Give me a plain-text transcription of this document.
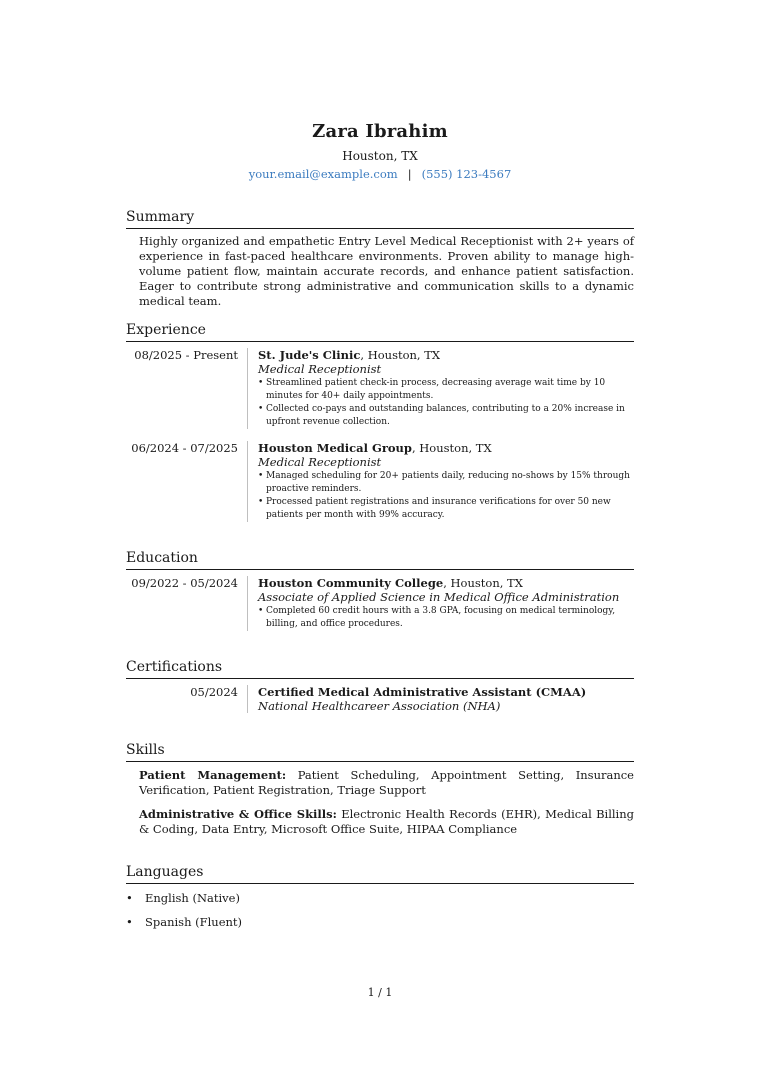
Zara Ibrahim
Houston, TX
your.email@example.com | (555) 123-4567
Summary
Highly organized and empathetic Entry Level Medical Receptionist with 2+ years of experience in fast-paced healthcare environments. Proven ability to manage high-volume patient flow, maintain accurate records, and enhance patient satisfaction. Eager to contribute strong administrative and communication skills to a dynamic medical team.
Experience
08/2025 - Present	St. Jude's Clinic, Houston, TX
Medical Receptionist
• Streamlined patient check-in process, decreasing average wait time by 10 minutes for 40+ daily appointments.
• Collected co-pays and outstanding balances, contributing to a 20% increase in upfront revenue collection.
06/2024 - 07/2025	Houston Medical Group, Houston, TX
Medical Receptionist
• Managed scheduling for 20+ patients daily, reducing no-shows by 15% through proactive reminders.
• Processed patient registrations and insurance verifications for over 50 new patients per month with 99% accuracy.
Education
09/2022 - 05/2024	Houston Community College, Houston, TX
Associate of Applied Science in Medical Office Administration
• Completed 60 credit hours with a 3.8 GPA, focusing on medical terminology, billing, and office procedures.
Certifications
05/2024	Certified Medical Administrative Assistant (CMAA)
National Healthcareer Association (NHA)
Skills
Patient Management: Patient Scheduling, Appointment Setting, Insurance Verification, Patient Registration, Triage Support
Administrative & Office Skills: Electronic Health Records (EHR), Medical Billing & Coding, Data Entry, Microsoft Office Suite, HIPAA Compliance
Languages
• English (Native)
• Spanish (Fluent)
1 / 1
